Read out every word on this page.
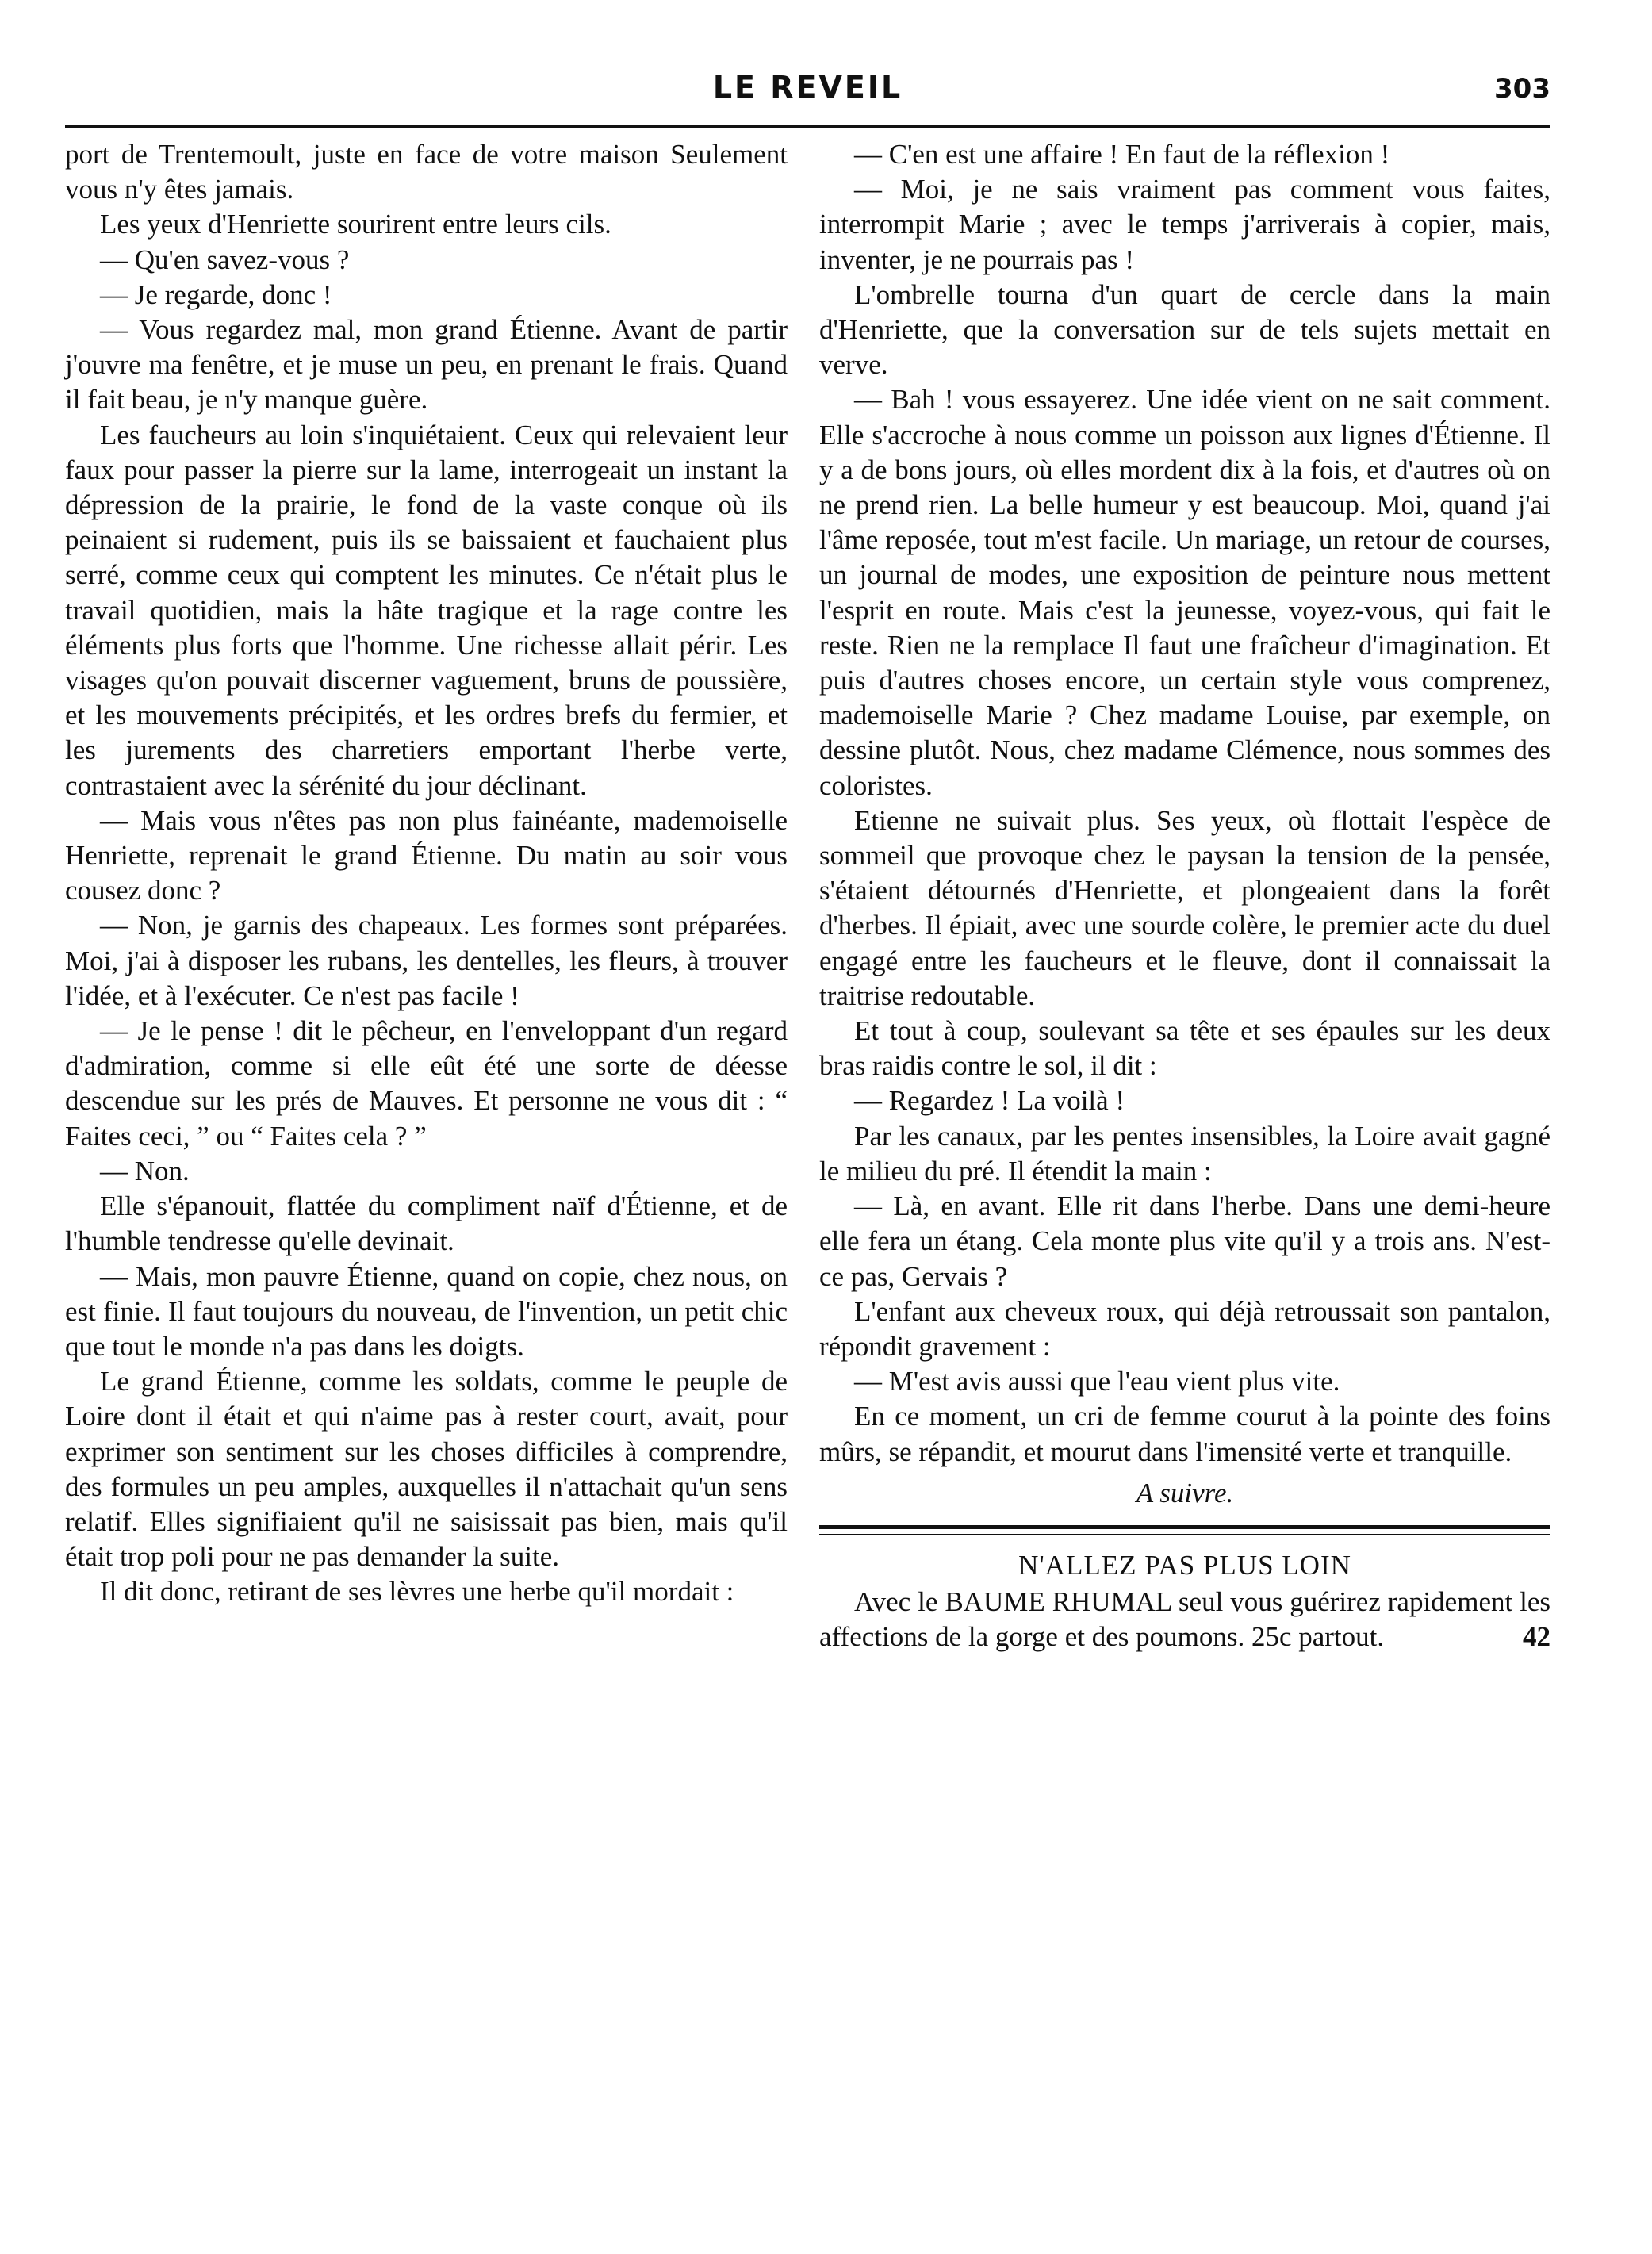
LE REVEIL	303

port de Trentemoult, juste en face de votre maison Seulement vous n'y êtes jamais.

Les yeux d'Henriette sourirent entre leurs cils.

— Qu'en savez-vous ?

— Je regarde, donc !

— Vous regardez mal, mon grand Étienne. Avant de partir j'ouvre ma fenêtre, et je muse un peu, en prenant le frais. Quand il fait beau, je n'y manque guère.

Les faucheurs au loin s'inquiétaient. Ceux qui relevaient leur faux pour passer la pierre sur la lame, interrogeait un instant la dépression de la prairie, le fond de la vaste conque où ils peinaient si rudement, puis ils se baissaient et fauchaient plus serré, comme ceux qui comptent les minutes. Ce n'était plus le travail quotidien, mais la hâte tragique et la rage contre les éléments plus forts que l'homme. Une richesse allait périr. Les visages qu'on pouvait discerner vaguement, bruns de poussière, et les mouvements précipités, et les ordres brefs du fermier, et les jurements des charretiers emportant l'herbe verte, contrastaient avec la sérénité du jour déclinant.

— Mais vous n'êtes pas non plus fainéante, mademoiselle Henriette, reprenait le grand Étienne. Du matin au soir vous cousez donc ?

— Non, je garnis des chapeaux. Les formes sont préparées. Moi, j'ai à disposer les rubans, les dentelles, les fleurs, à trouver l'idée, et à l'exécuter. Ce n'est pas facile !

— Je le pense ! dit le pêcheur, en l'enveloppant d'un regard d'admiration, comme si elle eût été une sorte de déesse descendue sur les prés de Mauves. Et personne ne vous dit : “ Faites ceci, ” ou “ Faites cela ? ”

— Non.

Elle s'épanouit, flattée du compliment naïf d'Étienne, et de l'humble tendresse qu'elle devinait.

— Mais, mon pauvre Étienne, quand on copie, chez nous, on est finie. Il faut toujours du nouveau, de l'invention, un petit chic que tout le monde n'a pas dans les doigts.

Le grand Étienne, comme les soldats, comme le peuple de Loire dont il était et qui n'aime pas à rester court, avait, pour exprimer son sentiment sur les choses difficiles à comprendre, des formules un peu amples, auxquelles il n'attachait qu'un sens relatif. Elles signifiaient qu'il ne saisissait pas bien, mais qu'il était trop poli pour ne pas demander la suite.

Il dit donc, retirant de ses lèvres une herbe qu'il mordait :

— C'en est une affaire ! En faut de la réflexion !

— Moi, je ne sais vraiment pas comment vous faites, interrompit Marie ; avec le temps j'arriverais à copier, mais, inventer, je ne pourrais pas !

L'ombrelle tourna d'un quart de cercle dans la main d'Henriette, que la conversation sur de tels sujets mettait en verve.

— Bah ! vous essayerez. Une idée vient on ne sait comment. Elle s'accroche à nous comme un poisson aux lignes d'Étienne. Il y a de bons jours, où elles mordent dix à la fois, et d'autres où on ne prend rien. La belle humeur y est beaucoup. Moi, quand j'ai l'âme reposée, tout m'est facile. Un mariage, un retour de courses, un journal de modes, une exposition de peinture nous mettent l'esprit en route. Mais c'est la jeunesse, voyez-vous, qui fait le reste. Rien ne la remplace Il faut une fraîcheur d'imagination. Et puis d'autres choses encore, un certain style vous comprenez, mademoiselle Marie ? Chez madame Louise, par exemple, on dessine plutôt. Nous, chez madame Clémence, nous sommes des coloristes.

Etienne ne suivait plus. Ses yeux, où flottait l'espèce de sommeil que provoque chez le paysan la tension de la pensée, s'étaient détournés d'Henriette, et plongeaient dans la forêt d'herbes. Il épiait, avec une sourde colère, le premier acte du duel engagé entre les faucheurs et le fleuve, dont il connaissait la traitrise redoutable.

Et tout à coup, soulevant sa tête et ses épaules sur les deux bras raidis contre le sol, il dit :

— Regardez ! La voilà !

Par les canaux, par les pentes insensibles, la Loire avait gagné le milieu du pré. Il étendit la main :

— Là, en avant. Elle rit dans l'herbe. Dans une demi-heure elle fera un étang. Cela monte plus vite qu'il y a trois ans. N'est-ce pas, Gervais ?

L'enfant aux cheveux roux, qui déjà retroussait son pantalon, répondit gravement :

— M'est avis aussi que l'eau vient plus vite.

En ce moment, un cri de femme courut à la pointe des foins mûrs, se répandit, et mourut dans l'imensité verte et tranquille.

A suivre.
N'ALLEZ PAS PLUS LOIN

Avec le BAUME RHUMAL seul vous guérirez rapidement les affections de la gorge et des poumons. 25c partout.	42
